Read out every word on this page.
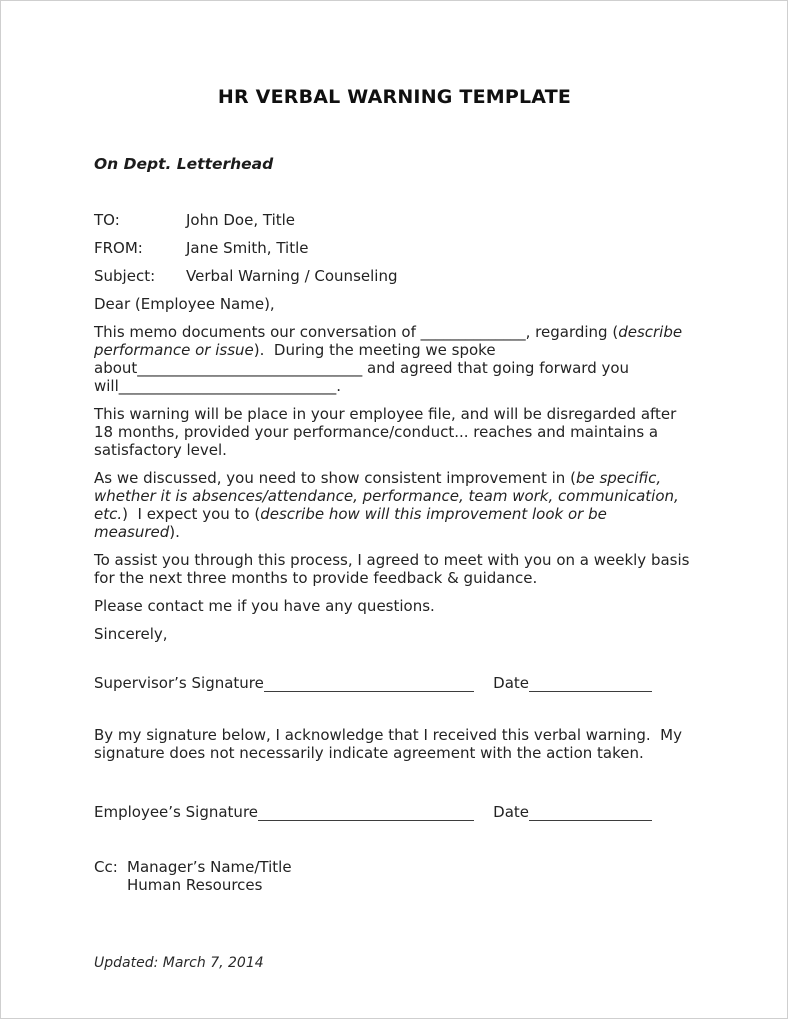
HR VERBAL WARNING TEMPLATE
On Dept. Letterhead
TO:	John Doe, Title
FROM:	Jane Smith, Title
Subject:	Verbal Warning / Counseling

Dear (Employee Name),

This memo documents our conversation of ______________, regarding (describe performance or issue).  During the meeting we spoke about______________________________ and agreed that going forward you will_____________________________.

This warning will be place in your employee file, and will be disregarded after 18 months, provided your performance/conduct... reaches and maintains a satisfactory level.

As we discussed, you need to show consistent improvement in (be specific, whether it is absences/attendance, performance, team work, communication, etc.)  I expect you to (describe how will this improvement look or be measured).

To assist you through this process, I agreed to meet with you on a weekly basis for the next three months to provide feedback & guidance.

Please contact me if you have any questions.

Sincerely,

Supervisor’s Signature	Date

By my signature below, I acknowledge that I received this verbal warning.  My signature does not necessarily indicate agreement with the action taken.

Employee’s Signature	Date
Cc: Manager’s Name/Title
Human Resources
Updated: March 7, 2014
